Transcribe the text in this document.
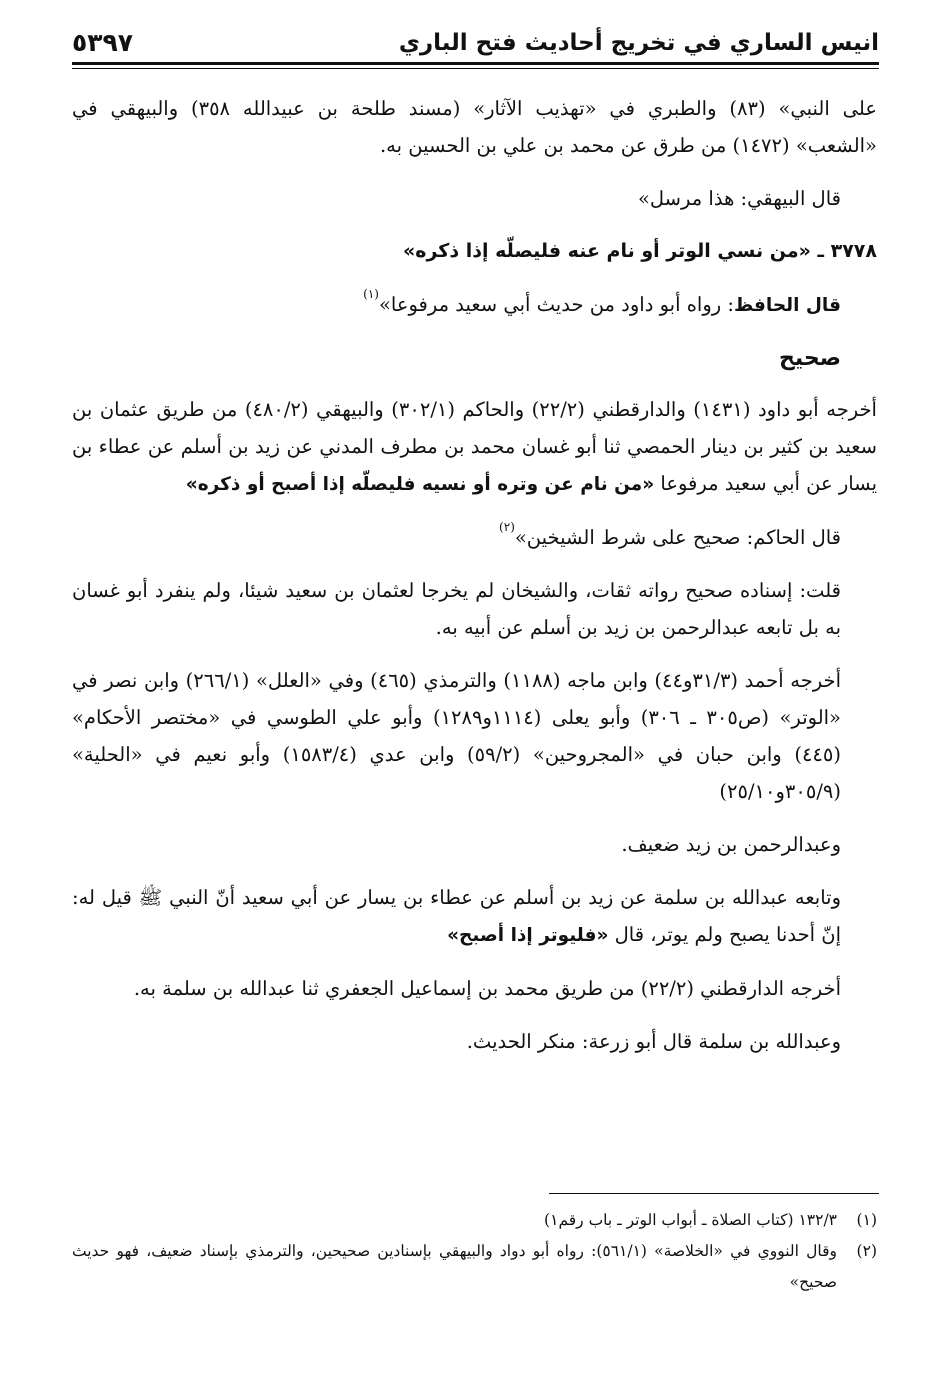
انيس الساري في تخريج أحاديث فتح الباري
٥٣٩٧

على النبي» (٨٣) والطبري في «تهذيب الآثار» (مسند طلحة بن عبيدالله ٣٥٨) والبيهقي في «الشعب» (١٤٧٢) من طرق عن محمد بن علي بن الحسين به.

قال البيهقي: هذا مرسل»

٣٧٧٨ ـ «من نسي الوتر أو نام عنه فليصلّه إذا ذكره»

قال الحافظ: رواه أبو داود من حديث أبي سعيد مرفوعا»$^{(١)}$

صحيح

أخرجه أبو داود (١٤٣١) والدارقطني (٢٢/٢) والحاكم (٣٠٢/١) والبيهقي (٤٨٠/٢) من طريق عثمان بن سعيد بن كثير بن دينار الحمصي ثنا أبو غسان محمد بن مطرف المدني عن زيد بن أسلم عن عطاء بن يسار عن أبي سعيد مرفوعا «من نام عن وتره أو نسيه فليصلّه إذا أصبح أو ذكره»

قال الحاكم: صحيح على شرط الشيخين»$^{(٢)}$

قلت: إسناده صحيح رواته ثقات، والشيخان لم يخرجا لعثمان بن سعيد شيئا، ولم ينفرد أبو غسان به بل تابعه عبدالرحمن بن زيد بن أسلم عن أبيه به.

أخرجه أحمد (٣١/٣و٤٤) وابن ماجه (١١٨٨) والترمذي (٤٦٥) وفي «العلل» (٢٦٦/١) وابن نصر في «الوتر» (ص٣٠٥ ـ ٣٠٦) وأبو يعلى (١١١٤و١٢٨٩) وأبو علي الطوسي في «مختصر الأحكام» (٤٤٥) وابن حبان في «المجروحين» (٥٩/٢) وابن عدي (١٥٨٣/٤) وأبو نعيم في «الحلية» (٣٠٥/٩و٢٥/١٠)

وعبدالرحمن بن زيد ضعيف.

وتابعه عبدالله بن سلمة عن زيد بن أسلم عن عطاء بن يسار عن أبي سعيد أنّ النبي ﷺ قيل له: إنّ أحدنا يصبح ولم يوتر، قال «فليوتر إذا أصبح»

أخرجه الدارقطني (٢٢/٢) من طريق محمد بن إسماعيل الجعفري ثنا عبدالله بن سلمة به.

وعبدالله بن سلمة قال أبو زرعة: منكر الحديث.

(١)
١٣٢/٣ (كتاب الصلاة ـ أبواب الوتر ـ باب رقم١)
(٢)
وقال النووي في «الخلاصة» (٥٦١/١): رواه أبو دواد والبيهقي بإسنادين صحيحين، والترمذي بإسناد ضعيف، فهو حديث صحيح»
